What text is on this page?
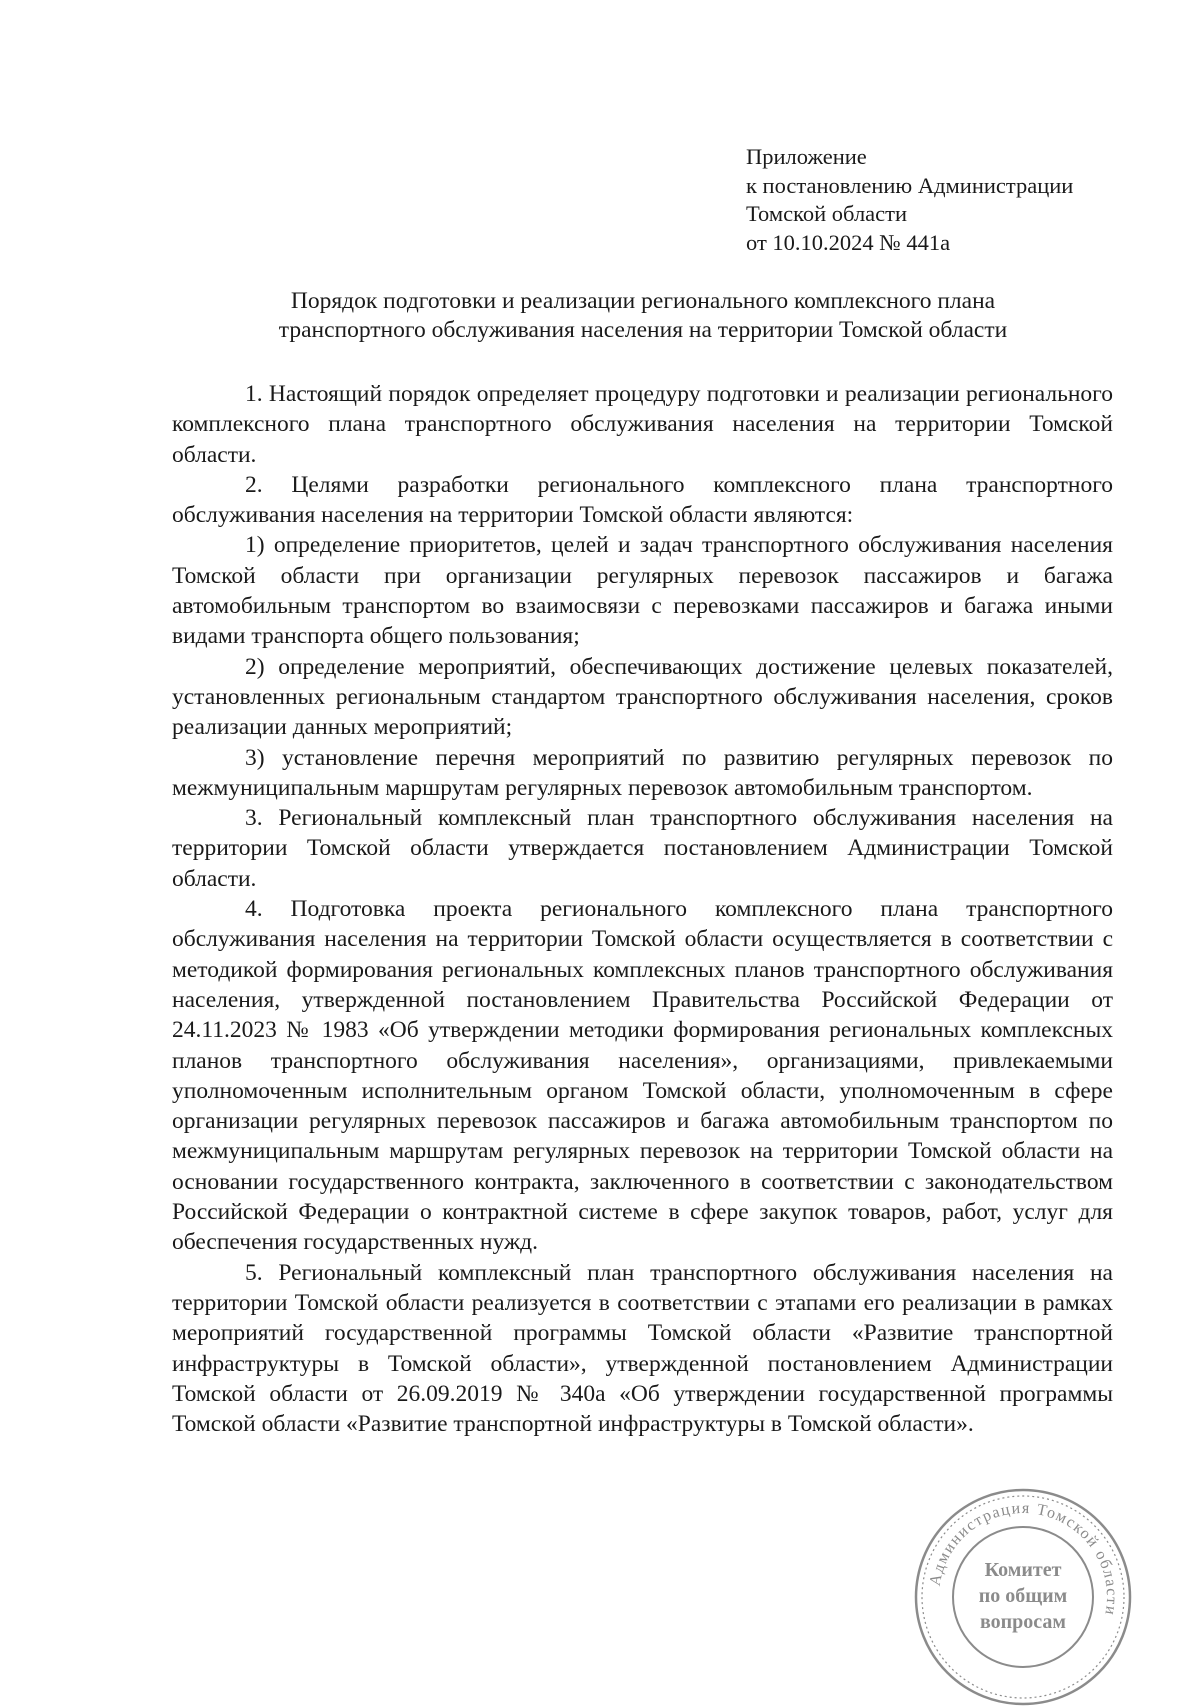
Приложение
к постановлению Администрации
Томской области
от 10.10.2024 № 441а
Порядок подготовки и реализации регионального комплексного плана
транспортного обслуживания населения на территории Томской области

1. Настоящий порядок определяет процедуру подготовки и реализации регионального комплексного плана транспортного обслуживания населения на территории Томской области.

2. Целями разработки регионального комплексного плана транспортного обслуживания населения на территории Томской области являются:

1) определение приоритетов, целей и задач транспортного обслуживания населения Томской области при организации регулярных перевозок пассажиров и багажа автомобильным транспортом во взаимосвязи с перевозками пассажиров и багажа иными видами транспорта общего пользования;

2) определение мероприятий, обеспечивающих достижение целевых показателей, установленных региональным стандартом транспортного обслуживания населения, сроков реализации данных мероприятий;

3) установление перечня мероприятий по развитию регулярных перевозок по межмуниципальным маршрутам регулярных перевозок автомобильным транспортом.

3. Региональный комплексный план транспортного обслуживания населения на территории Томской области утверждается постановлением Администрации Томской области.

4. Подготовка проекта регионального комплексного плана транспортного обслуживания населения на территории Томской области осуществляется в соответствии с методикой формирования региональных комплексных планов транспортного обслуживания населения, утвержденной постановлением Правительства Российской Федерации от 24.11.2023 № 1983 «Об утверждении методики формирования региональных комплексных планов транспортного обслуживания населения», организациями, привлекаемыми уполномоченным исполнительным органом Томской области, уполномоченным в сфере организации регулярных перевозок пассажиров и багажа автомобильным транспортом по межмуниципальным маршрутам регулярных перевозок на территории Томской области на основании государственного контракта, заключенного в соответствии с законодательством Российской Федерации о контрактной системе в сфере закупок товаров, работ, услуг для обеспечения государственных нужд.

5. Региональный комплексный план транспортного обслуживания населения на территории Томской области реализуется в соответствии с этапами его реализации в рамках мероприятий государственной программы Томской области «Развитие транспортной инфраструктуры в Томской области», утвержденной постановлением Администрации Томской области от 26.09.2019 № 340а «Об утверждении государственной программы Томской области «Развитие транспортной инфраструктуры в Томской области».

Администрация Томской области
Комитет
по общим
вопросам
